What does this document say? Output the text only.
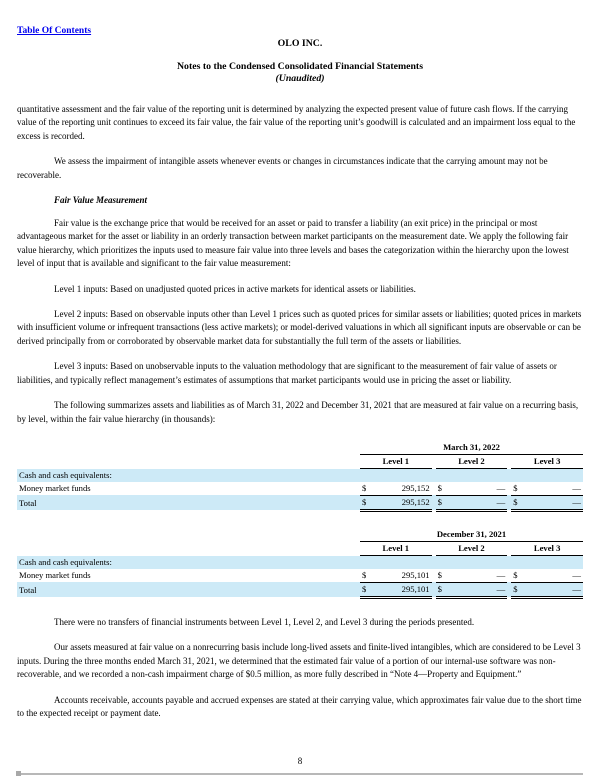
Table Of Contents
OLO INC.
Notes to the Condensed Consolidated Financial Statements
(Unaudited)

quantitative assessment and the fair value of the reporting unit is determined by analyzing the expected present value of future cash flows. If the carrying value of the reporting unit continues to exceed its fair value, the fair value of the reporting unit’s goodwill is calculated and an impairment loss equal to the excess is recorded.

We assess the impairment of intangible assets whenever events or changes in circumstances indicate that the carrying amount may not be recoverable.

Fair Value Measurement

Fair value is the exchange price that would be received for an asset or paid to transfer a liability (an exit price) in the principal or most advantageous market for the asset or liability in an orderly transaction between market participants on the measurement date. We apply the following fair value hierarchy, which prioritizes the inputs used to measure fair value into three levels and bases the categorization within the hierarchy upon the lowest level of input that is available and significant to the fair value measurement:

Level 1 inputs: Based on unadjusted quoted prices in active markets for identical assets or liabilities.

Level 2 inputs: Based on observable inputs other than Level 1 prices such as quoted prices for similar assets or liabilities; quoted prices in markets with insufficient volume or infrequent transactions (less active markets); or model-derived valuations in which all significant inputs are observable or can be derived principally from or corroborated by observable market data for substantially the full term of the assets or liabilities.

Level 3 inputs: Based on unobservable inputs to the valuation methodology that are significant to the measurement of fair value of assets or liabilities, and typically reflect management’s estimates of assumptions that market participants would use in pricing the asset or liability.

The following summarizes assets and liabilities as of March 31, 2022 and December 31, 2021 that are measured at fair value on a recurring basis, by level, within the fair value hierarchy (in thousands):

	March 31, 2022							
	Level 1			Level 2			Level 3	
Cash and cash equivalents:								
Money market funds	$	295,152		$	—		$	—
Total	$	295,152		$	—		$	—
	December 31, 2021							
	Level 1			Level 2			Level 3	
Cash and cash equivalents:								
Money market funds	$	295,101		$	—		$	—
Total	$	295,101		$	—		$	—

There were no transfers of financial instruments between Level 1, Level 2, and Level 3 during the periods presented.

Our assets measured at fair value on a nonrecurring basis include long-lived assets and finite-lived intangibles, which are considered to be Level 3 inputs. During the three months ended March 31, 2021, we determined that the estimated fair value of a portion of our internal-use software was non-recoverable, and we recorded a non-cash impairment charge of $0.5 million, as more fully described in “Note 4—Property and Equipment.”

Accounts receivable, accounts payable and accrued expenses are stated at their carrying value, which approximates fair value due to the short time to the expected receipt or payment date.

8
